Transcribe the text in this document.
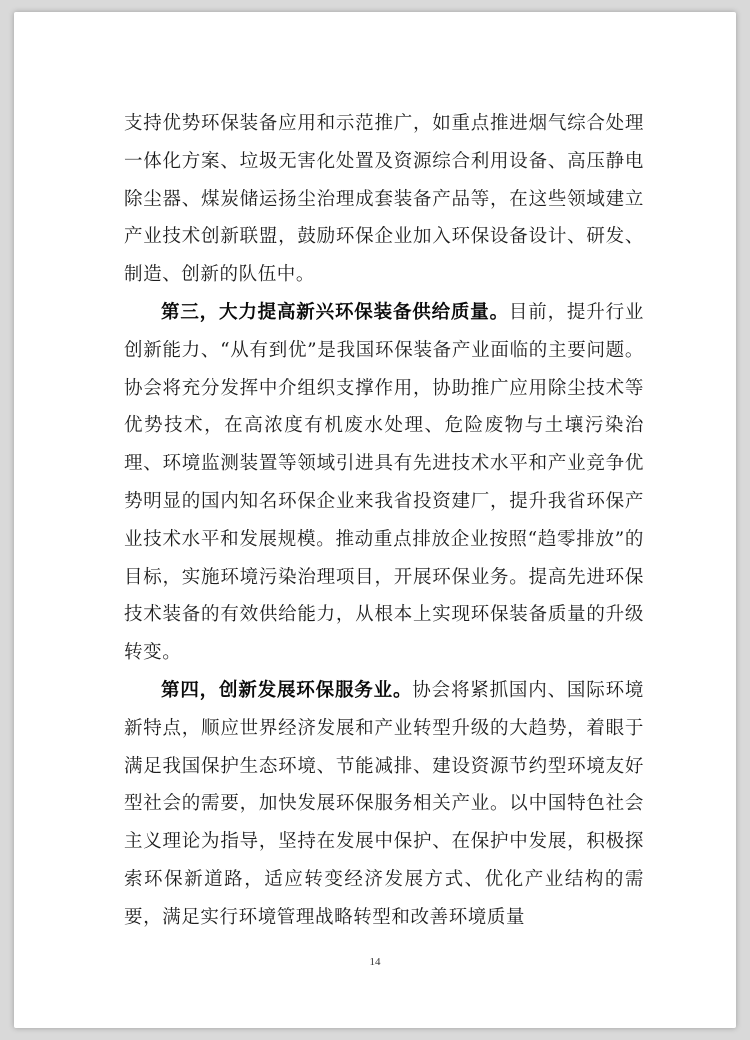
支持优势环保装备应用和示范推广，如重点推进烟气综合处理一体化方案、垃圾无害化处置及资源综合利用设备、高压静电除尘器、煤炭储运扬尘治理成套装备产品等，在这些领域建立产业技术创新联盟，鼓励环保企业加入环保设备设计、研发、制造、创新的队伍中。

第三，大力提高新兴环保装备供给质量。目前，提升行业创新能力、“从有到优”是我国环保装备产业面临的主要问题。协会将充分发挥中介组织支撑作用，协助推广应用除尘技术等优势技术，在高浓度有机废水处理、危险废物与土壤污染治理、环境监测装置等领域引进具有先进技术水平和产业竞争优势明显的国内知名环保企业来我省投资建厂，提升我省环保产业技术水平和发展规模。推动重点排放企业按照“趋零排放”的目标，实施环境污染治理项目，开展环保业务。提高先进环保技术装备的有效供给能力，从根本上实现环保装备质量的升级转变。

第四，创新发展环保服务业。协会将紧抓国内、国际环境新特点，顺应世界经济发展和产业转型升级的大趋势，着眼于满足我国保护生态环境、节能减排、建设资源节约型环境友好型社会的需要，加快发展环保服务相关产业。以中国特色社会主义理论为指导，坚持在发展中保护、在保护中发展，积极探索环保新道路，适应转变经济发展方式、优化产业结构的需要，满足实行环境管理战略转型和改善环境质量

14
